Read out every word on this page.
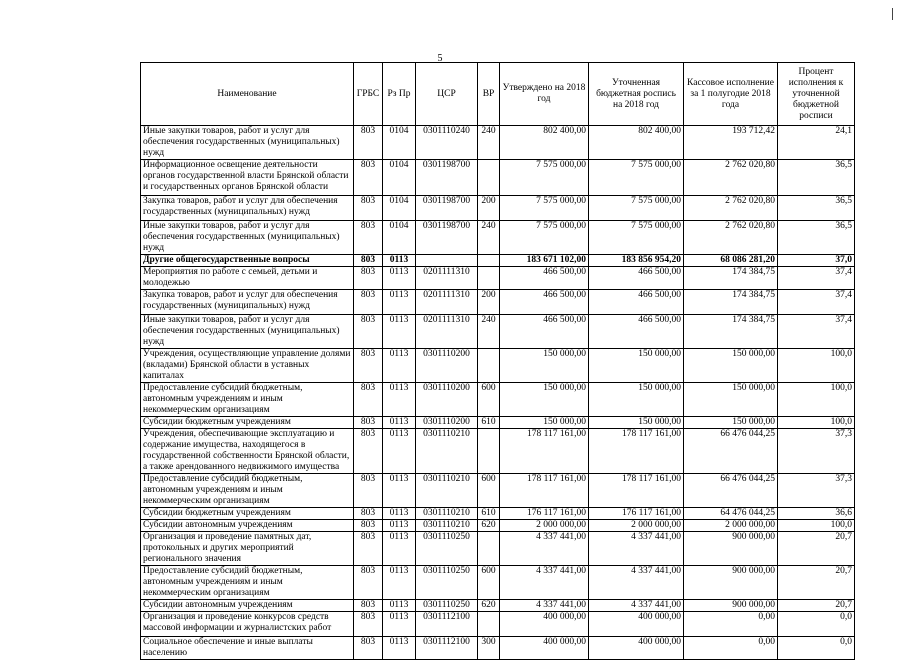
5
Наименование	ГРБС	Рз Пр	ЦСР	ВР	Утверждено на 2018 год	Уточненная бюджетная роспись на 2018 год	Кассовое исполнение за 1 полугодие 2018 года	Процент исполнения к уточненной бюджетной росписи
Иные закупки товаров, работ и услуг для обеспечения государственных (муниципальных) нужд	803	0104	0301110240	240	802 400,00	802 400,00	193 712,42	24,1
Информационное освещение деятельности органов государственной власти Брянской области и государственных органов Брянской области	803	0104	0301198700		7 575 000,00	7 575 000,00	2 762 020,80	36,5
Закупка товаров, работ и услуг для обеспечения государственных (муниципальных) нужд	803	0104	0301198700	200	7 575 000,00	7 575 000,00	2 762 020,80	36,5
Иные закупки товаров, работ и услуг для обеспечения государственных (муниципальных) нужд	803	0104	0301198700	240	7 575 000,00	7 575 000,00	2 762 020,80	36,5
Другие общегосударственные вопросы	803	0113			183 671 102,00	183 856 954,20	68 086 281,20	37,0
Мероприятия по работе с семьей, детьми и молодежью	803	0113	0201111310		466 500,00	466 500,00	174 384,75	37,4
Закупка товаров, работ и услуг для обеспечения государственных (муниципальных) нужд	803	0113	0201111310	200	466 500,00	466 500,00	174 384,75	37,4
Иные закупки товаров, работ и услуг для обеспечения государственных (муниципальных) нужд	803	0113	0201111310	240	466 500,00	466 500,00	174 384,75	37,4
Учреждения, осуществляющие управление долями (вкладами) Брянской области в уставных капиталах	803	0113	0301110200		150 000,00	150 000,00	150 000,00	100,0
Предоставление субсидий бюджетным, автономным учреждениям и иным некоммерческим организациям	803	0113	0301110200	600	150 000,00	150 000,00	150 000,00	100,0
Субсидии бюджетным учреждениям	803	0113	0301110200	610	150 000,00	150 000,00	150 000,00	100,0
Учреждения, обеспечивающие эксплуатацию и содержание имущества, находящегося в государственной собственности Брянской области, а также арендованного недвижимого имущества	803	0113	0301110210		178 117 161,00	178 117 161,00	66 476 044,25	37,3
Предоставление субсидий бюджетным, автономным учреждениям и иным некоммерческим организациям	803	0113	0301110210	600	178 117 161,00	178 117 161,00	66 476 044,25	37,3
Субсидии бюджетным учреждениям	803	0113	0301110210	610	176 117 161,00	176 117 161,00	64 476 044,25	36,6
Субсидии автономным учреждениям	803	0113	0301110210	620	2 000 000,00	2 000 000,00	2 000 000,00	100,0
Организация и проведение памятных дат, протокольных и других мероприятий регионального значения	803	0113	0301110250		4 337 441,00	4 337 441,00	900 000,00	20,7
Предоставление субсидий бюджетным, автономным учреждениям и иным некоммерческим организациям	803	0113	0301110250	600	4 337 441,00	4 337 441,00	900 000,00	20,7
Субсидии автономным учреждениям	803	0113	0301110250	620	4 337 441,00	4 337 441,00	900 000,00	20,7
Организация и проведение конкурсов средств массовой информации и журналистских работ	803	0113	0301112100		400 000,00	400 000,00	0,00	0,0
Социальное обеспечение и иные выплаты населению	803	0113	0301112100	300	400 000,00	400 000,00	0,00	0,0
